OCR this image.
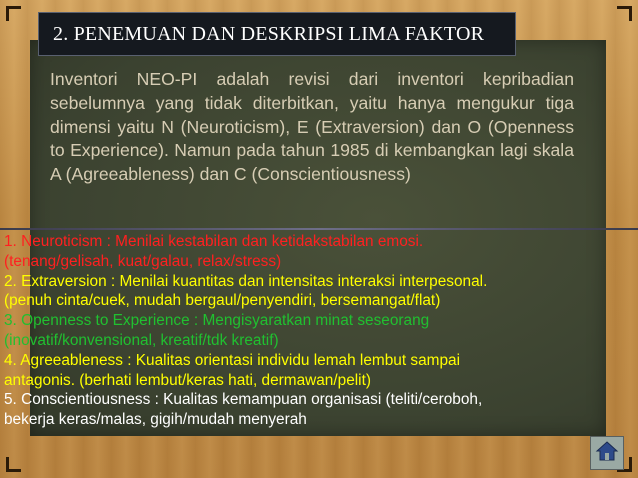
2. PENEMUAN DAN DESKRIPSI LIMA FAKTOR

Inventori NEO-PI adalah revisi dari inventori kepribadian sebelumnya yang tidak diterbitkan, yaitu hanya mengukur tiga dimensi yaitu N (Neuroticism), E (Extraversion) dan O (Openness to Experience). Namun pada tahun 1985 di kembangkan lagi skala A (Agreeableness) dan C (Conscientiousness)

1. Neuroticism : Menilai kestabilan dan ketidakstabilan emosi.
(tenang/gelisah, kuat/galau, relax/stress)
2. Extraversion : Menilai kuantitas dan intensitas interaksi interpesonal.
(penuh cinta/cuek, mudah bergaul/penyendiri, bersemangat/flat)
3. Openness to Experience : Mengisyaratkan minat seseorang
(inovatif/konvensional, kreatif/tdk kreatif)
4. Agreeableness : Kualitas orientasi individu lemah lembut sampai
antagonis. (berhati lembut/keras hati, dermawan/pelit)
5. Conscientiousness : Kualitas kemampuan organisasi (teliti/ceroboh,
bekerja keras/malas, gigih/mudah menyerah
